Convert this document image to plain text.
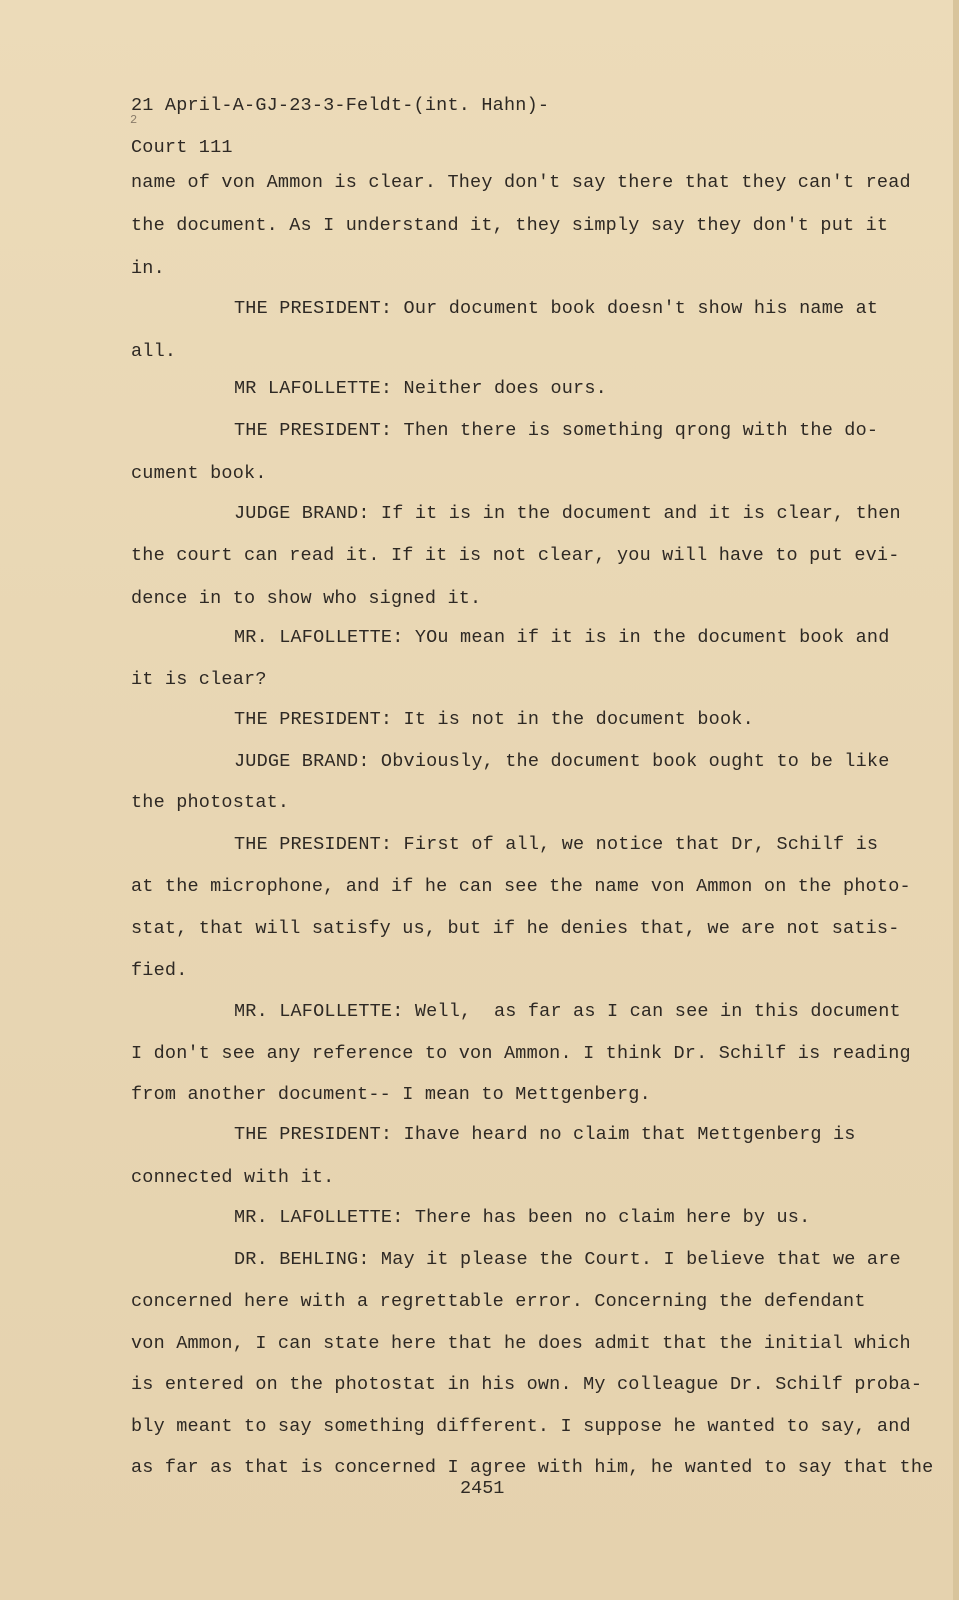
21 April-A-GJ-23-3-Feldt-(int. Hahn)-
2
Court 111
name of von Ammon is clear. They don't say there that they can't read
the document. As I understand it, they simply say they don't put it
in.
THE PRESIDENT: Our document book doesn't show his name at
all.
MR LAFOLLETTE: Neither does ours.
THE PRESIDENT: Then there is something qrong with the do-
cument book.
JUDGE BRAND: If it is in the document and it is clear, then
the court can read it. If it is not clear, you will have to put evi-
dence in to show who signed it.
MR. LAFOLLETTE: YOu mean if it is in the document book and
it is clear?
THE PRESIDENT: It is not in the document book.
JUDGE BRAND: Obviously, the document book ought to be like
the photostat.
THE PRESIDENT: First of all, we notice that Dr, Schilf is
at the microphone, and if he can see the name von Ammon on the photo-
stat, that will satisfy us, but if he denies that, we are not satis-
fied.
MR. LAFOLLETTE: Well,  as far as I can see in this document
I don't see any reference to von Ammon. I think Dr. Schilf is reading
from another document-- I mean to Mettgenberg.
THE PRESIDENT: Ihave heard no claim that Mettgenberg is
connected with it.
MR. LAFOLLETTE: There has been no claim here by us.
DR. BEHLING: May it please the Court. I believe that we are
concerned here with a regrettable error. Concerning the defendant
von Ammon, I can state here that he does admit that the initial which
is entered on the photostat in his own. My colleague Dr. Schilf proba-
bly meant to say something different. I suppose he wanted to say, and
as far as that is concerned I agree with him, he wanted to say that the
2451
